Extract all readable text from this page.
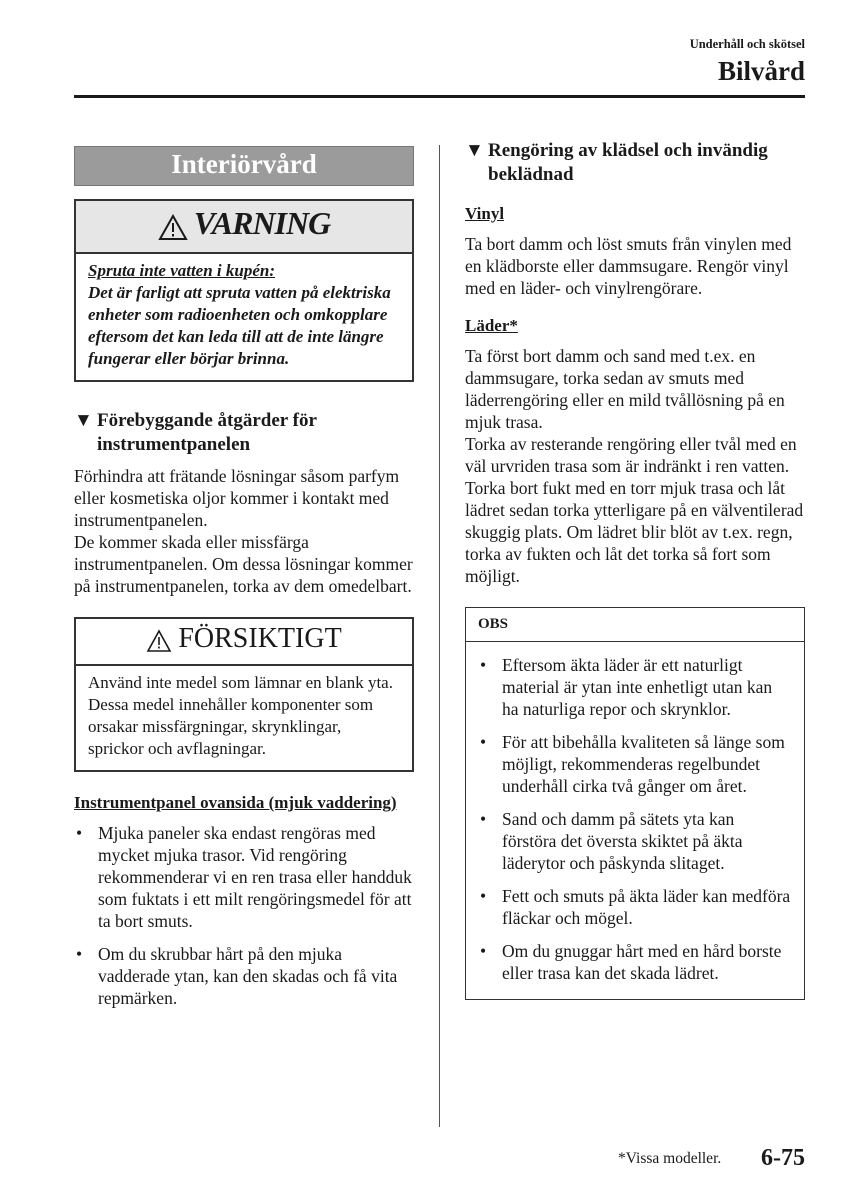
Underhåll och skötsel
Bilvård
Interiörvård
VARNING
Spruta inte vatten i kupén:
Det är farligt att spruta vatten på elektriska enheter som radioenheten och omkopplare eftersom det kan leda till att de inte längre fungerar eller börjar brinna.
▼ Förebyggande åtgärder för instrumentpanelen
Förhindra att frätande lösningar såsom parfym eller kosmetiska oljor kommer i kontakt med instrumentpanelen.
De kommer skada eller missfärga instrumentpanelen. Om dessa lösningar kommer på instrumentpanelen, torka av dem omedelbart.
FÖRSIKTIGT
Använd inte medel som lämnar en blank yta.
Dessa medel innehåller komponenter som orsakar missfärgningar, skrynklingar, sprickor och avflagningar.
Instrumentpanel ovansida (mjuk vaddering)
• Mjuka paneler ska endast rengöras med mycket mjuka trasor. Vid rengöring rekommenderar vi en ren trasa eller handduk som fuktats i ett milt rengöringsmedel för att ta bort smuts.
• Om du skrubbar hårt på den mjuka vadderade ytan, kan den skadas och få vita repmärken.
▼ Rengöring av klädsel och invändig beklädnad
Vinyl
Ta bort damm och löst smuts från vinylen med en klädborste eller dammsugare. Rengör vinyl med en läder- och vinylrengörare.
Läder*
Ta först bort damm och sand med t.ex. en dammsugare, torka sedan av smuts med läderrengöring eller en mild tvållösning på en mjuk trasa.
Torka av resterande rengöring eller tvål med en väl urvriden trasa som är indränkt i ren vatten.
Torka bort fukt med en torr mjuk trasa och låt lädret sedan torka ytterligare på en välventilerad skuggig plats. Om lädret blir blöt av t.ex. regn, torka av fukten och låt det torka så fort som möjligt.
OBS
• Eftersom äkta läder är ett naturligt material är ytan inte enhetligt utan kan ha naturliga repor och skrynklor.
• För att bibehålla kvaliteten så länge som möjligt, rekommenderas regelbundet underhåll cirka två gånger om året.
• Sand och damm på sätets yta kan förstöra det översta skiktet på äkta läderytor och påskynda slitaget.
• Fett och smuts på äkta läder kan medföra fläckar och mögel.
• Om du gnuggar hårt med en hård borste eller trasa kan det skada lädret.
*Vissa modeller. 6-75
